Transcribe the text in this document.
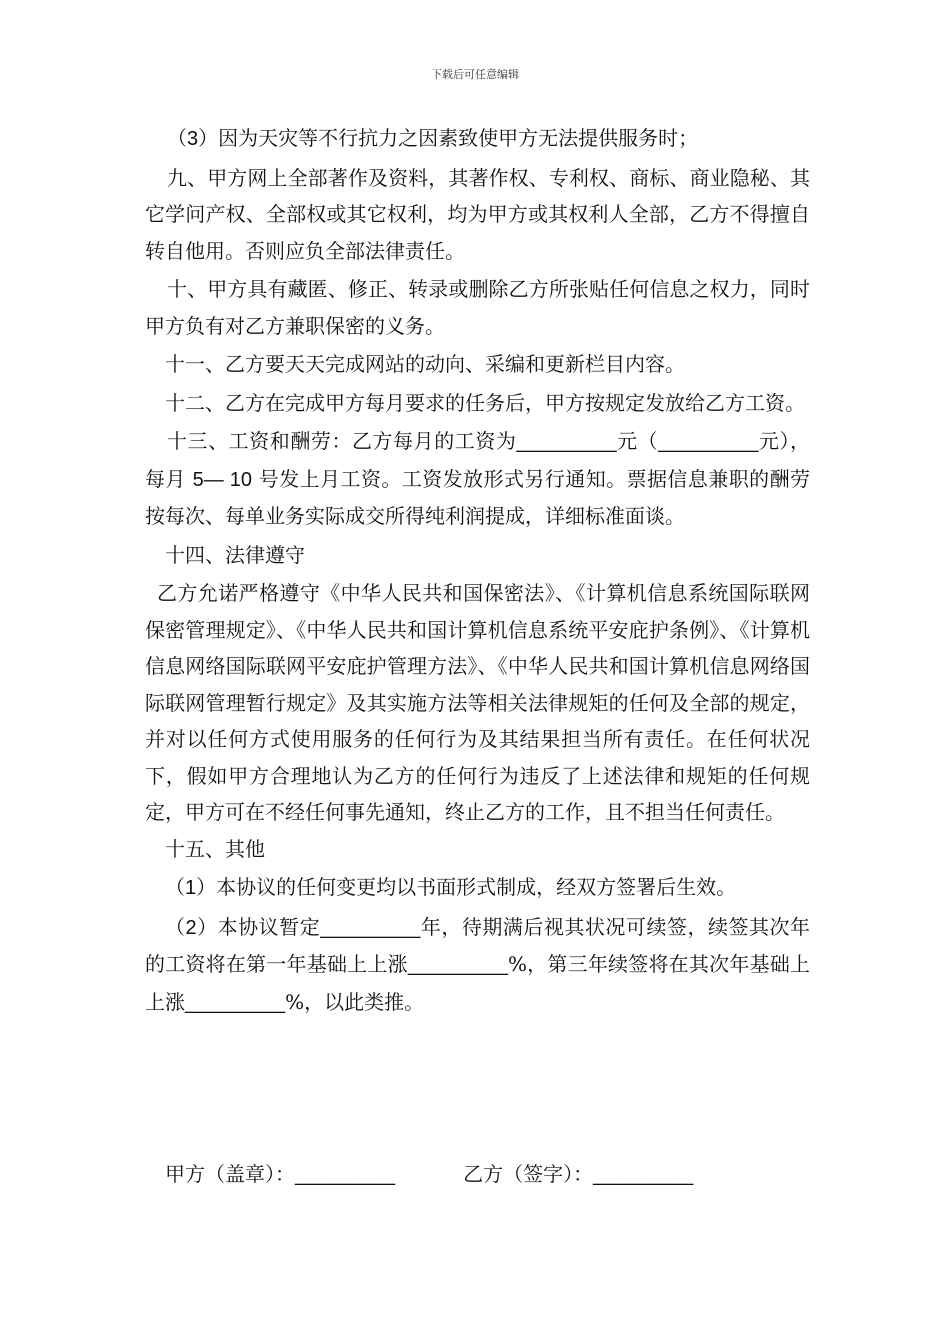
下载后可任意编辑

（3）因为天灾等不行抗力之因素致使甲方无法提供服务时；

九、甲方网上全部著作及资料，其著作权、专利权、商标、商业隐秘、其它学问产权、全部权或其它权利，均为甲方或其权利人全部，乙方不得擅自转自他用。否则应负全部法律责任。

十、甲方具有藏匿、修正、转录或删除乙方所张贴任何信息之权力，同时甲方负有对乙方兼职保密的义务。

十一、乙方要天天完成网站的动向、采编和更新栏目内容。

十二、乙方在完成甲方每月要求的任务后，甲方按规定发放给乙方工资。

十三、工资和酬劳：乙方每月的工资为_________元（_________元），每月 5— 10 号发上月工资。工资发放形式另行通知。票据信息兼职的酬劳按每次、每单业务实际成交所得纯利润提成，详细标准面谈。

十四、法律遵守

乙方允诺严格遵守《中华人民共和国保密法》、《计算机信息系统国际联网保密管理规定》、《中华人民共和国计算机信息系统平安庇护条例》、《计算机信息网络国际联网平安庇护管理方法》、《中华人民共和国计算机信息网络国际联网管理暂行规定》及其实施方法等相关法律规矩的任何及全部的规定，并对以任何方式使用服务的任何行为及其结果担当所有责任。在任何状况下，假如甲方合理地认为乙方的任何行为违反了上述法律和规矩的任何规定，甲方可在不经任何事先通知，终止乙方的工作，且不担当任何责任。

十五、其他

（1）本协议的任何变更均以书面形式制成，经双方签署后生效。

（2）本协议暂定_________年，待期满后视其状况可续签，续签其次年的工资将在第一年基础上上涨_________%，第三年续签将在其次年基础上上涨_________%，以此类推。

甲方（盖章）：_________	乙方（签字）：_________
